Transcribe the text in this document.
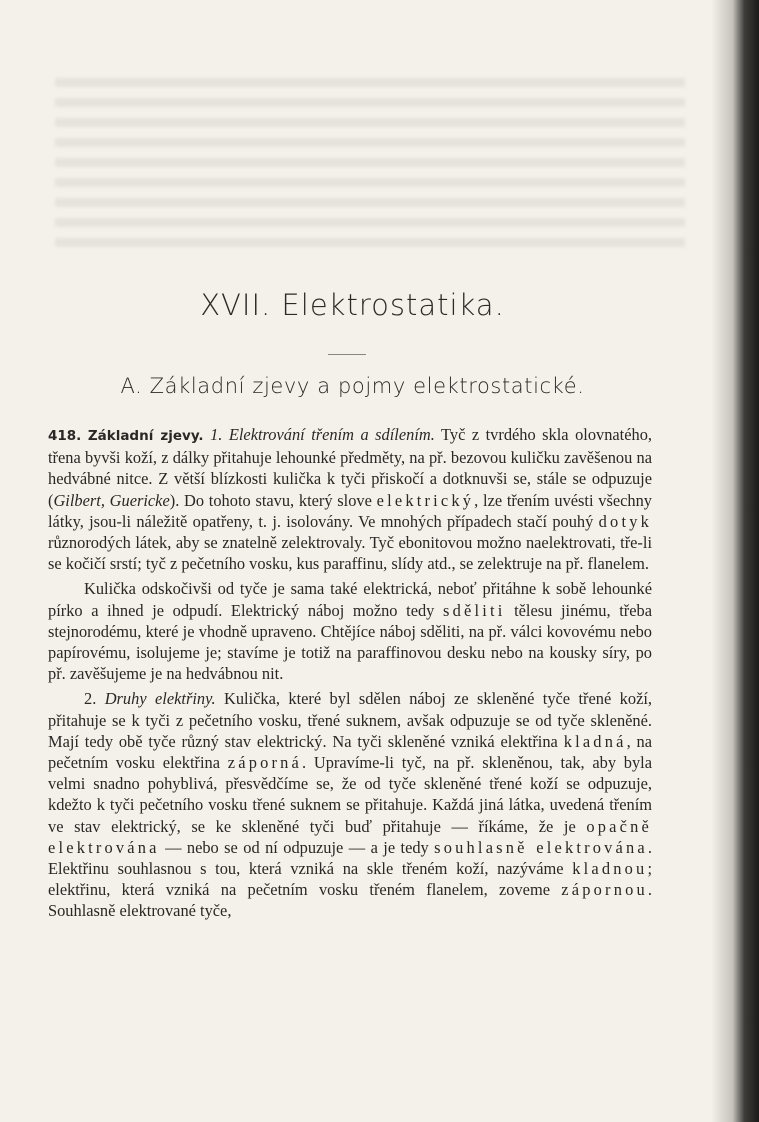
XVII. Elektrostatika.
A. Základní zjevy a pojmy elektrostatické.

418. Základní zjevy. 1. Elektrování třením a sdílením. Tyč z tvrdého skla olovnatého, třena byvši koží, z dálky přitahuje lehounké předměty, na př. bezovou kuličku zavěšenou na hedvábné nitce. Z větší blízkosti kulička k tyči přiskočí a dotknuvši se, stále se odpuzuje (Gilbert, Guericke). Do tohoto stavu, který slove elektrický, lze třením uvésti všechny látky, jsou-li náležitě opatřeny, t. j. isolovány. Ve mnohých případech stačí pouhý dotyk různorodých látek, aby se znatelně zelektrovaly. Tyč ebonitovou možno naelektrovati, tře-li se kočičí srstí; tyč z pečetního vosku, kus paraffinu, slídy atd., se zelektruje na př. flanelem.

Kulička odskočivši od tyče je sama také elektrická, neboť přitáhne k sobě lehounké pírko a ihned je odpudí. Elektrický náboj možno tedy sděliti tělesu jinému, třeba stejnorodému, které je vhodně upraveno. Chtějíce náboj sděliti, na př. válci kovovému nebo papírovému, isolujeme je; stavíme je totiž na paraffinovou desku nebo na kousky síry, po př. zavěšujeme je na hedvábnou nit.

2. Druhy elektřiny. Kulička, které byl sdělen náboj ze skleněné tyče třené koží, přitahuje se k tyči z pečetního vosku, třené suknem, avšak odpuzuje se od tyče skleněné. Mají tedy obě tyče různý stav elektrický. Na tyči skleněné vzniká elektřina kladná, na pečetním vosku elektřina záporná. Upravíme-li tyč, na př. skleněnou, tak, aby byla velmi snadno pohyblivá, přesvědčíme se, že od tyče skleněné třené koží se odpuzuje, kdežto k tyči pečetního vosku třené suknem se přitahuje. Každá jiná látka, uvedená třením ve stav elektrický, se ke skleněné tyči buď přitahuje — říkáme, že je opačně elektrována — nebo se od ní odpuzuje — a je tedy souhlasně elektrována. Elektřinu souhlasnou s tou, která vzniká na skle třeném koží, nazýváme kladnou; elektřinu, která vzniká na pečetním vosku třeném flanelem, zoveme zápornou. Souhlasně elektrované tyče,
